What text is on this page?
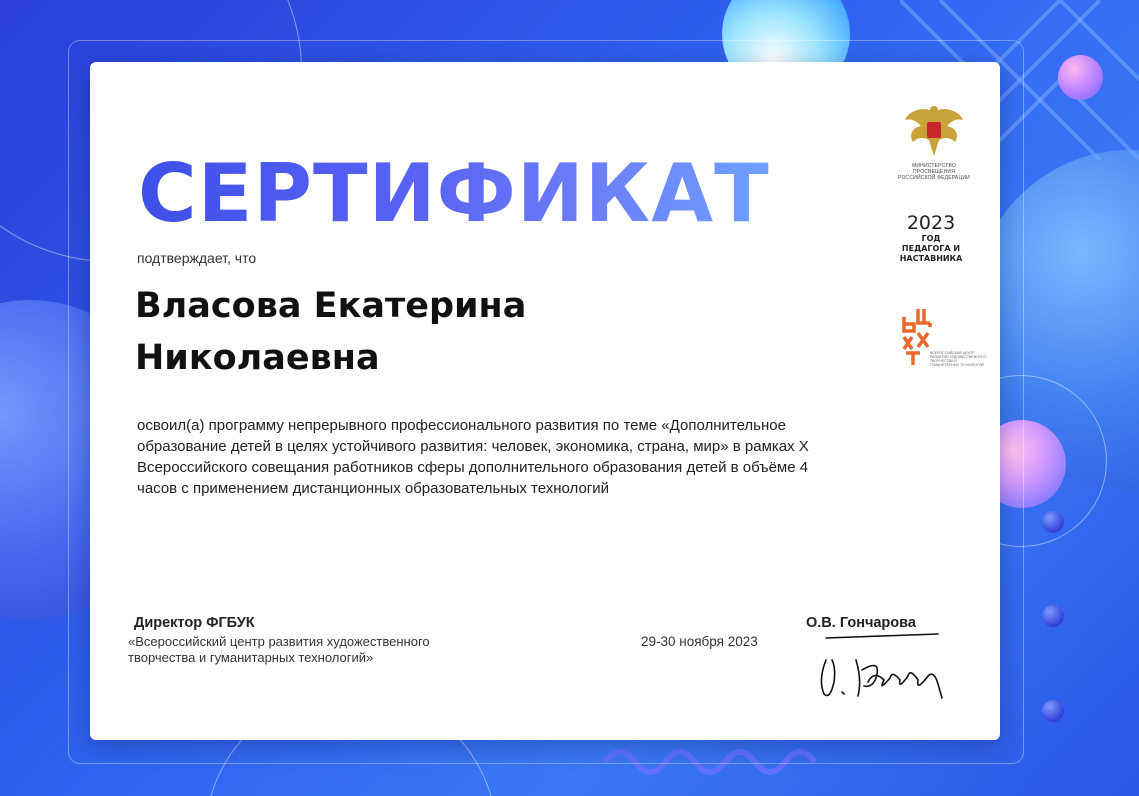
СЕРТИФИКАТ
подтверждает, что
Власова Екатерина
Николаевна
освоил(а) программу непрерывного профессионального развития по теме «Дополнительное образование детей в целях устойчивого развития: человек, экономика, страна, мир» в рамках X Всероссийского совещания работников сферы дополнительного образования детей в объёме 4 часов с применением дистанционных образовательных технологий
Директор ФГБУК
«Всероссийский центр развития художественного творчества и гуманитарных технологий»
29-30 ноября 2023
О.В. Гончарова
МИНИСТЕРСТВО ПРОСВЕЩЕНИЯ РОССИЙСКОЙ ФЕДЕРАЦИИ
2023
ГОД ПЕДАГОГА И НАСТАВНИКА
ВСЕРОССИЙСКИЙ ЦЕНТР РАЗВИТИЯ ХУДОЖЕСТВЕННОГО ТВОРЧЕСТВА И ГУМАНИТАРНЫХ ТЕХНОЛОГИЙ
